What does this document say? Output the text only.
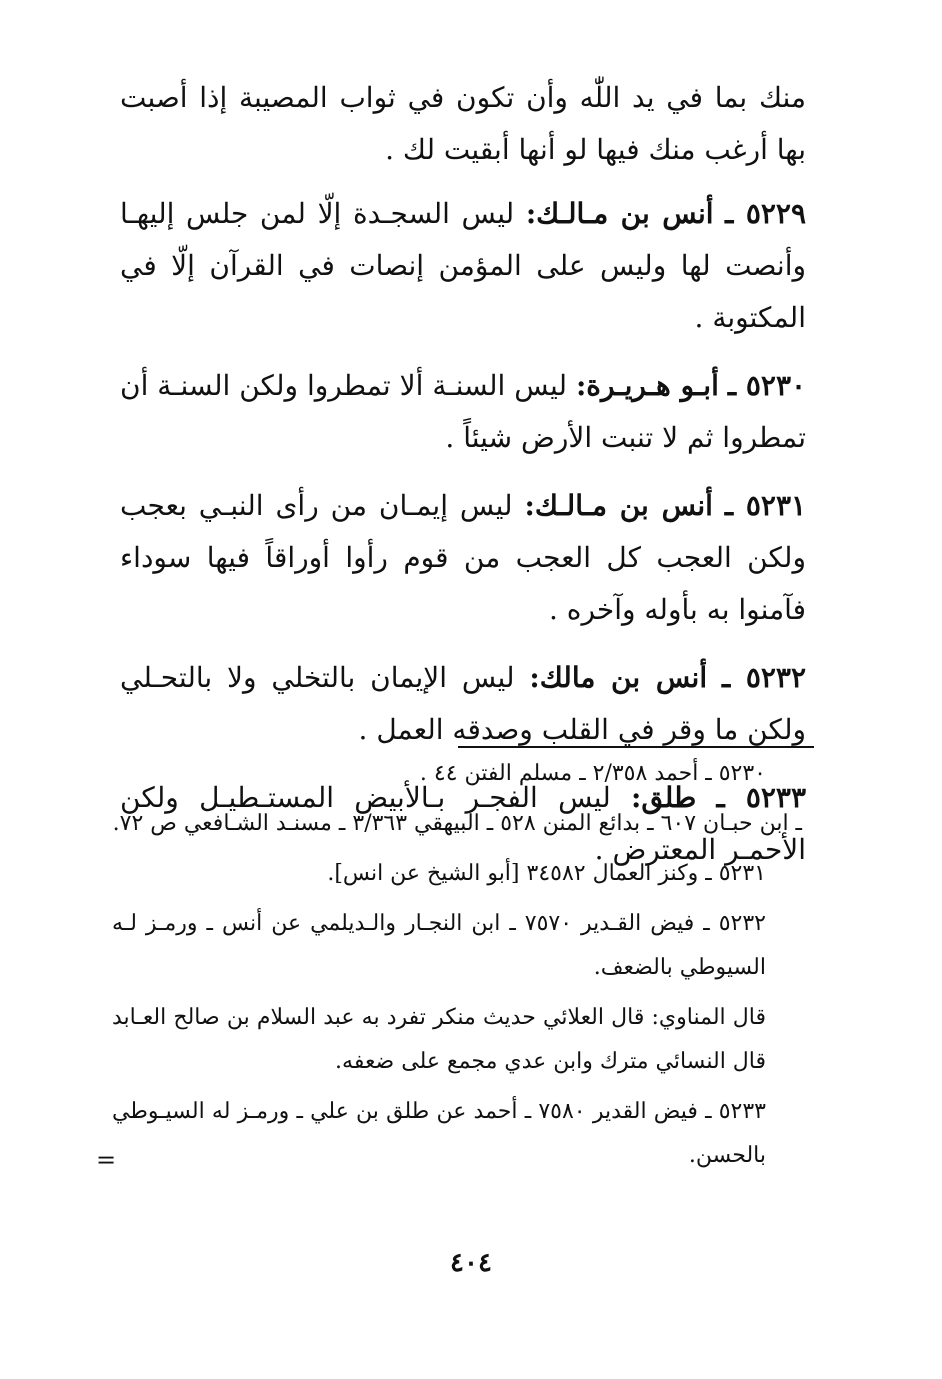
منك بما في يد اللّٰه وأن تكون في ثواب المصيبة إذا أصبت بها أرغب منك فيها لو أنها أبقيت لك .

٥٢٢٩ ـ أنس بن مـالـك: ليس السجـدة إلّا لمن جلس إليهـا وأنصت لها وليس على المؤمن إنصات في القرآن إلّا في المكتوبة .

٥٢٣٠ ـ أبـو هـريـرة: ليس السنـة ألا تمطروا ولكن السنـة أن تمطروا ثم لا تنبت الأرض شيئاً .

٥٢٣١ ـ أنس بن مـالـك: ليس إيمـان من رأى النبـي بعجب ولكن العجب كل العجب من قوم رأوا أوراقاً فيها سوداء فآمنوا به بأوله وآخره .

٥٢٣٢ ـ أنس بن مالك: ليس الإيمان بالتخلي ولا بالتحـلي ولكن ما وقر في القلب وصدقه العمل .

٥٢٣٣ ـ طلق: ليس الفجـر بـالأبيض المستـطيـل ولكن الأحمـر المعترض .

٥٢٣٠ ـ أحمد ٢/٣٥٨ ـ مسلم الفتن ٤٤ .

ـ ابن حبـان ٦٠٧ ـ بدائع المنن ٥٢٨ ـ البيهقي ٣/٣٦٣ ـ مسنـد الشـافعي ص ٧٢.

٥٢٣١ ـ وكنز العمال ٣٤٥٨٢ [أبو الشيخ عن انس].

٥٢٣٢ ـ فيض القـدير ٧٥٧٠ ـ ابن النجـار والـديلمي عن أنس ـ ورمـز لـه السيوطي بالضعف.

قال المناوي: قال العلائي حديث منكر تفرد به عبد السلام بن صالح العـابد قال النسائي مترك وابن عدي مجمع على ضعفه.

٥٢٣٣ ـ فيض القدير ٧٥٨٠ ـ أحمد عن طلق بن علي ـ ورمـز له السيـوطي بالحسن.

=
٤٠٤
